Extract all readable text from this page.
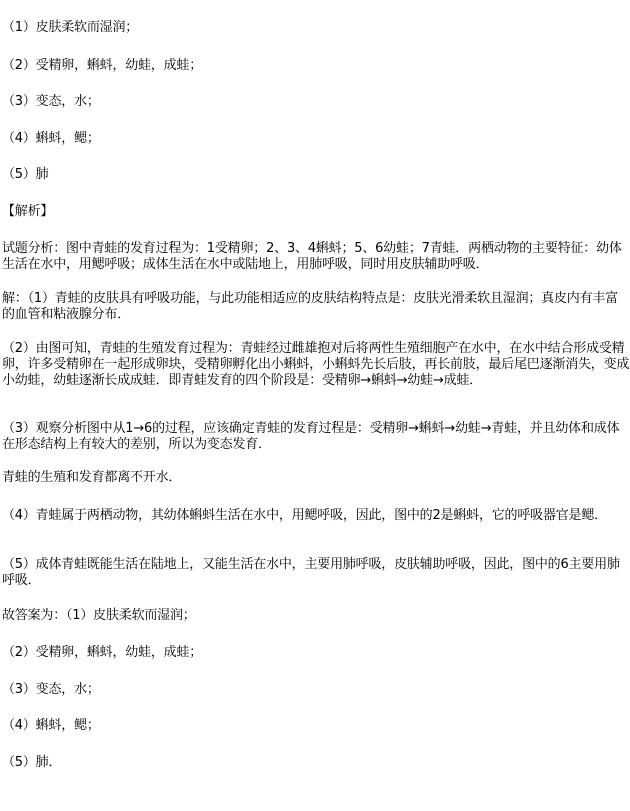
（1）皮肤柔软而湿润；
（2）受精卵，蝌蚪，幼蛙，成蛙；
（3）变态，水；
（4）蝌蚪，鳃；
（5）肺
【解析】
试题分析：图中青蛙的发育过程为：1受精卵；2、3、4蝌蚪；5、6幼蛙；7青蛙．两栖动物的主要特征：幼体生活在水中，用鳃呼吸；成体生活在水中或陆地上，用肺呼吸，同时用皮肤辅助呼吸．
解：（1）青蛙的皮肤具有呼吸功能，与此功能相适应的皮肤结构特点是：皮肤光滑柔软且湿润；真皮内有丰富的血管和粘液腺分布．
（2）由图可知，青蛙的生殖发育过程为：青蛙经过雌雄抱对后将两性生殖细胞产在水中，在水中结合形成受精卵，许多受精卵在一起形成卵块，受精卵孵化出小蝌蚪，小蝌蚪先长后肢，再长前肢，最后尾巴逐渐消失，变成小幼蛙，幼蛙逐渐长成成蛙．即青蛙发育的四个阶段是：受精卵→蝌蚪→幼蛙→成蛙．
（3）观察分析图中从1→6的过程，应该确定青蛙的发育过程是：受精卵→蝌蚪→幼蛙→青蛙，并且幼体和成体在形态结构上有较大的差别，所以为变态发育．
青蛙的生殖和发育都离不开水．
（4）青蛙属于两栖动物，其幼体蝌蚪生活在水中，用鳃呼吸，因此，图中的2是蝌蚪，它的呼吸器官是鳃．
（5）成体青蛙既能生活在陆地上，又能生活在水中，主要用肺呼吸，皮肤辅助呼吸，因此，图中的6主要用肺呼吸．
故答案为：（1）皮肤柔软而湿润；
（2）受精卵，蝌蚪，幼蛙，成蛙；
（3）变态，水；
（4）蝌蚪，鳃；
（5）肺．
